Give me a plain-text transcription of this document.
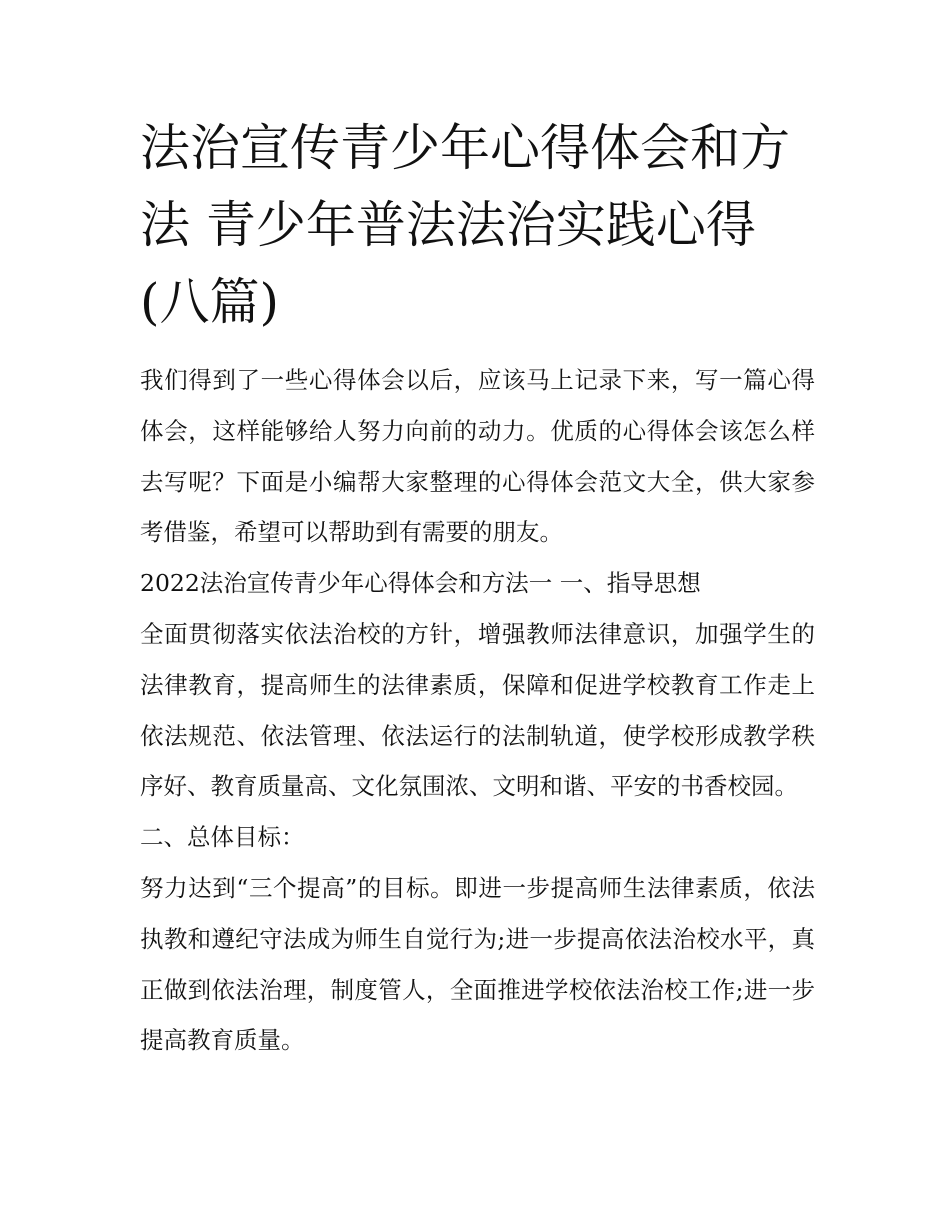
法治宣传青少年心得体会和方法 青少年普法法治实践心得(八篇)

我们得到了一些心得体会以后，应该马上记录下来，写一篇心得体会，这样能够给人努力向前的动力。优质的心得体会该怎么样去写呢？下面是小编帮大家整理的心得体会范文大全，供大家参考借鉴，希望可以帮助到有需要的朋友。

2022法治宣传青少年心得体会和方法一 一、指导思想

全面贯彻落实依法治校的方针，增强教师法律意识，加强学生的法律教育，提高师生的法律素质，保障和促进学校教育工作走上依法规范、依法管理、依法运行的法制轨道，使学校形成教学秩序好、教育质量高、文化氛围浓、文明和谐、平安的书香校园。

二、总体目标：

努力达到“三个提高”的目标。即进一步提高师生法律素质，依法执教和遵纪守法成为师生自觉行为;进一步提高依法治校水平，真正做到依法治理，制度管人，全面推进学校依法治校工作;进一步提高教育质量。
